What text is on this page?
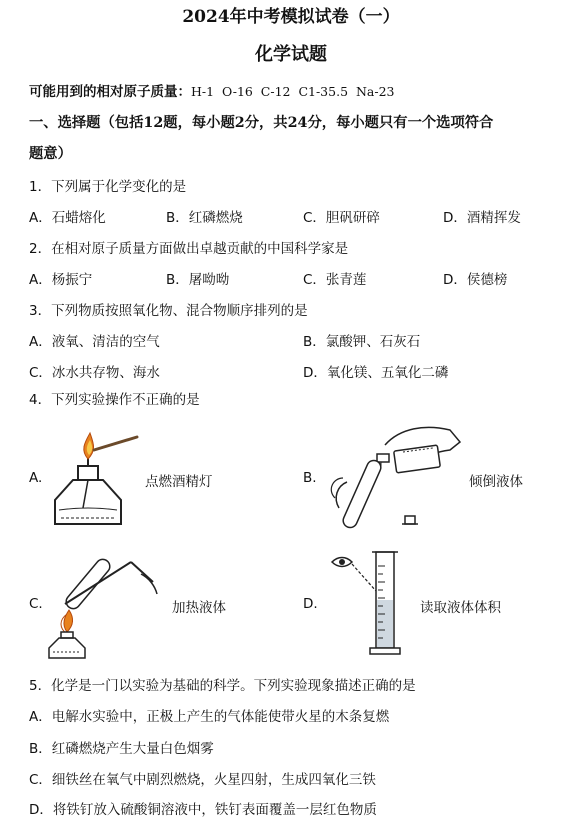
2024年中考模拟试卷（一）
化学试题
可能用到的相对原子质量：H-1  O-16  C-12  C1-35.5  Na-23
一、选择题（包括12题，每小题2分，共24分，每小题只有一个选项符合
题意）
1．下列属于化学变化的是
A．石蜡熔化	B．红磷燃烧	C．胆矾研碎	D．酒精挥发
2．在相对原子质量方面做出卓越贡献的中国科学家是
A．杨振宁	B．屠呦呦	C．张青莲	D．侯德榜
3．下列物质按照氧化物、混合物顺序排列的是
A．液氧、清洁的空气	B．氯酸钾、石灰石
C．冰水共存物、海水	D．氧化镁、五氧化二磷
4．下列实验操作不正确的是
A.	点燃酒精灯	B.	倾倒液体
C.	加热液体	D.	读取液体体积
5．化学是一门以实验为基础的科学。下列实验现象描述正确的是
A．电解水实验中，正极上产生的气体能使带火星的木条复燃
B．红磷燃烧产生大量白色烟雾
C．细铁丝在氧气中剧烈燃烧，火星四射，生成四氧化三铁
D．将铁钉放入硫酸铜溶液中，铁钉表面覆盖一层红色物质
